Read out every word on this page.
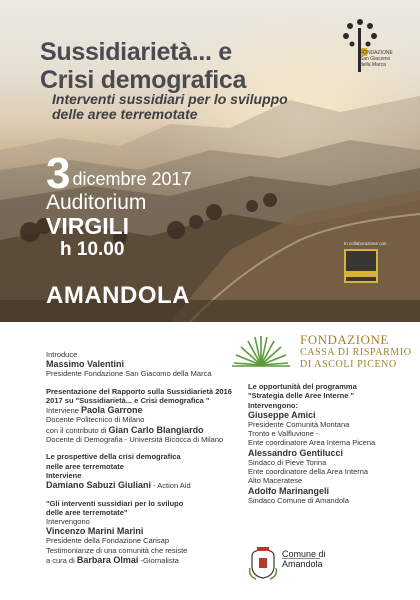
Sussidiarietà... e
Crisi demografica
Interventi sussidiari per lo sviluppo
delle aree terremotate
3 dicembre 2017
Auditorium
VIRGILI
h 10.00
AMANDOLA
FONDAZIONE San Giacomo della Marca
In collaborazione con
FONDAZIONE
CASSA DI RISPARMIO
DI ASCOLI PICENO
Introduce
Massimo Valentini
Presidente Fondazione San Giacomo della Marca
Presentazione del Rapporto sulla Sussidiarietà 2016
2017 su "Sussidiarietà... e Crisi demografica "
Interviene Paola Garrone
Docente Politecnico di Milano
con il contributo di Gian Carlo Blangiardo
Docente di Demografia - Università Bicocca di Milano
Le prospettive della crisi demografica
nelle aree terremotate
Interviene
Damiano Sabuzi Giuliani - Action Aid
"Gli interventi sussidiari per lo svilupo
delle aree terremotate"
Intervengono
Vincenzo Marini Marini
Presidente della Fondazione Carisap
Testimonianze di una comunità che resiste
a cura di Barbara Olmai -Giornalista
Le opportunità del programma
"Strategia delle Aree Interne "
Intervengono:
Giuseppe Amici
Presidente Comunità Montana
Tronto e Valfluvione -
Ente coordinatore Area Interna Picena
Alessandro Gentilucci
Sindaco di Pieve Torina
Ente coordinatore della Area Interna
Alto Maceratese
Adolfo Marinangeli
Sindaco Comune di Amandola
Comune di
Amandola
